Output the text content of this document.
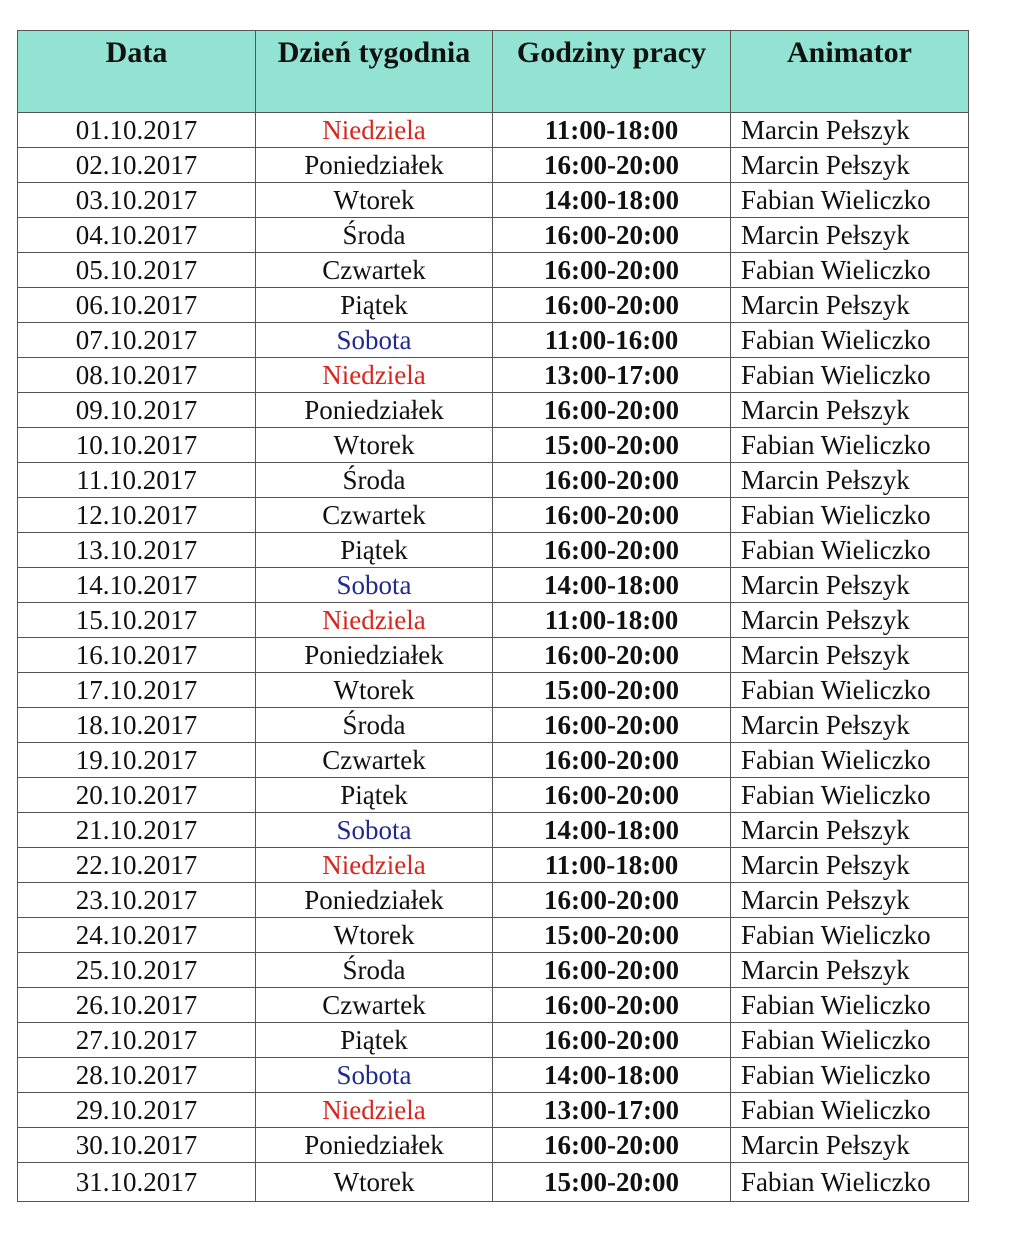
Data	Dzień tygodnia	Godziny pracy	Animator
01.10.2017	Niedziela	11:00-18:00	Marcin Pełszyk
02.10.2017	Poniedziałek	16:00-20:00	Marcin Pełszyk
03.10.2017	Wtorek	14:00-18:00	Fabian Wieliczko
04.10.2017	Środa	16:00-20:00	Marcin Pełszyk
05.10.2017	Czwartek	16:00-20:00	Fabian Wieliczko
06.10.2017	Piątek	16:00-20:00	Marcin Pełszyk
07.10.2017	Sobota	11:00-16:00	Fabian Wieliczko
08.10.2017	Niedziela	13:00-17:00	Fabian Wieliczko
09.10.2017	Poniedziałek	16:00-20:00	Marcin Pełszyk
10.10.2017	Wtorek	15:00-20:00	Fabian Wieliczko
11.10.2017	Środa	16:00-20:00	Marcin Pełszyk
12.10.2017	Czwartek	16:00-20:00	Fabian Wieliczko
13.10.2017	Piątek	16:00-20:00	Fabian Wieliczko
14.10.2017	Sobota	14:00-18:00	Marcin Pełszyk
15.10.2017	Niedziela	11:00-18:00	Marcin Pełszyk
16.10.2017	Poniedziałek	16:00-20:00	Marcin Pełszyk
17.10.2017	Wtorek	15:00-20:00	Fabian Wieliczko
18.10.2017	Środa	16:00-20:00	Marcin Pełszyk
19.10.2017	Czwartek	16:00-20:00	Fabian Wieliczko
20.10.2017	Piątek	16:00-20:00	Fabian Wieliczko
21.10.2017	Sobota	14:00-18:00	Marcin Pełszyk
22.10.2017	Niedziela	11:00-18:00	Marcin Pełszyk
23.10.2017	Poniedziałek	16:00-20:00	Marcin Pełszyk
24.10.2017	Wtorek	15:00-20:00	Fabian Wieliczko
25.10.2017	Środa	16:00-20:00	Marcin Pełszyk
26.10.2017	Czwartek	16:00-20:00	Fabian Wieliczko
27.10.2017	Piątek	16:00-20:00	Fabian Wieliczko
28.10.2017	Sobota	14:00-18:00	Fabian Wieliczko
29.10.2017	Niedziela	13:00-17:00	Fabian Wieliczko
30.10.2017	Poniedziałek	16:00-20:00	Marcin Pełszyk
31.10.2017	Wtorek	15:00-20:00	Fabian Wieliczko
